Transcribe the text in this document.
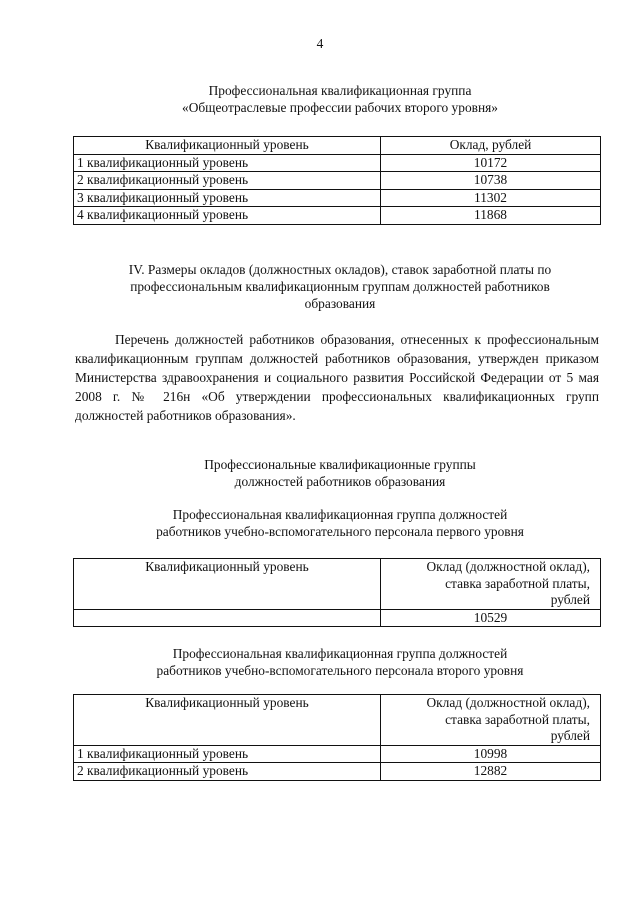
4
Профессиональная квалификационная группа
«Общеотраслевые профессии рабочих второго уровня»
Квалификационный уровень	Оклад, рублей
1 квалификационный уровень	10172
2 квалификационный уровень	10738
3 квалификационный уровень	11302
4 квалификационный уровень	11868
IV. Размеры окладов (должностных окладов), ставок заработной платы по
профессиональным квалификационным группам должностей работников
образования

Перечень должностей работников образования, отнесенных к профессиональным квалификационным группам должностей работников образования, утвержден приказом Министерства здравоохранения и социального развития Российской Федерации от 5 мая 2008 г. № 216н «Об утверждении профессиональных квалификационных групп должностей работников образования».

Профессиональные квалификационные группы
должностей работников образования
Профессиональная квалификационная группа должностей
работников учебно-вспомогательного персонала первого уровня
Квалификационный уровень	Оклад (должностной оклад),
ставка заработной платы,
рублей

	10529
Профессиональная квалификационная группа должностей
работников учебно-вспомогательного персонала второго уровня
Квалификационный уровень	Оклад (должностной оклад),
ставка заработной платы,
рублей

1 квалификационный уровень	10998
2 квалификационный уровень	12882
